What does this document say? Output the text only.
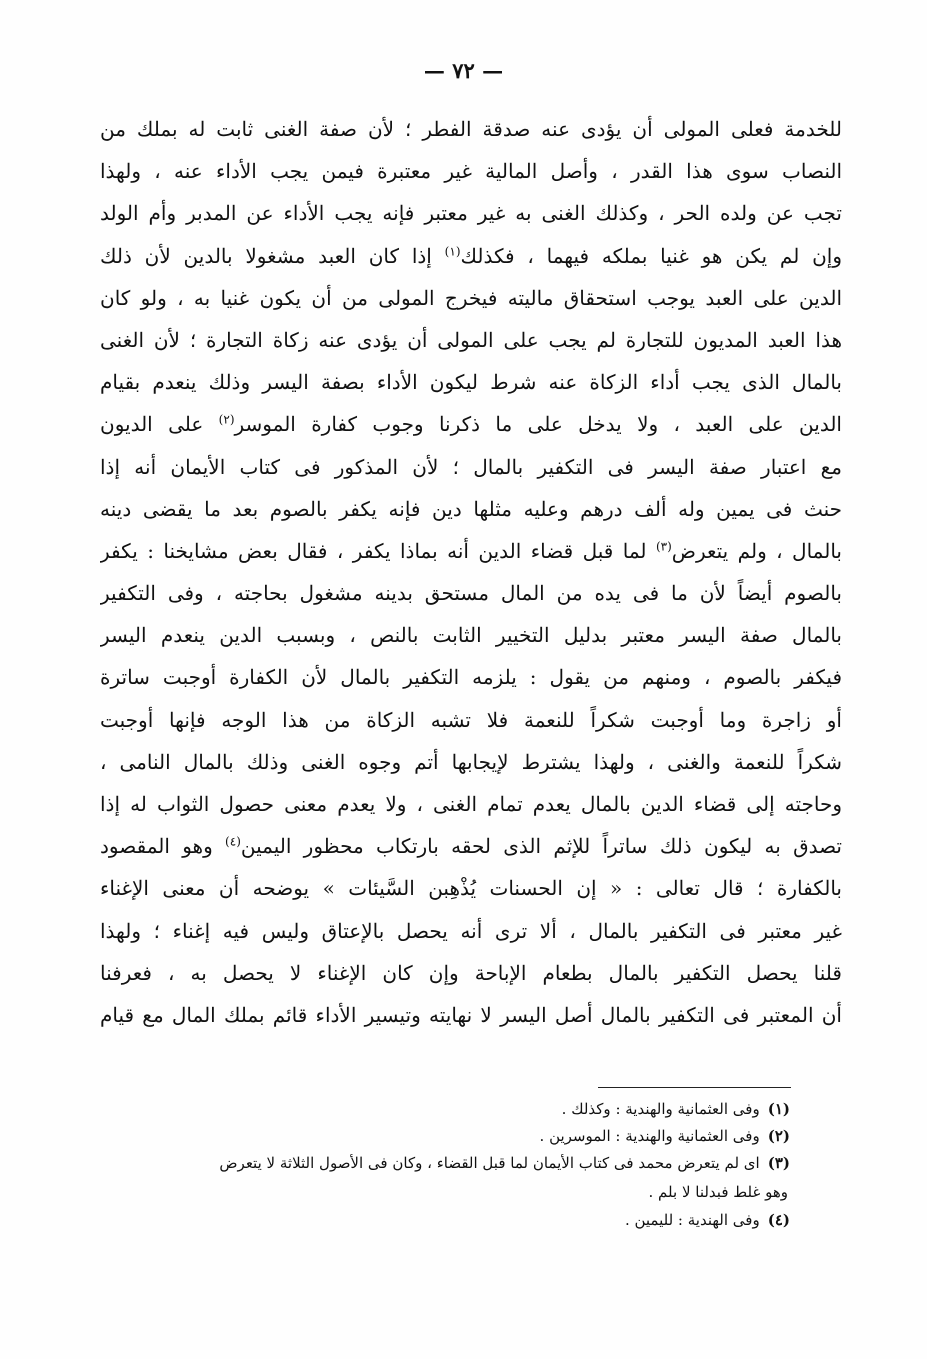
— ٧٢ —
للخدمة فعلى المولى أن يؤدى عنه صدقة الفطر ؛ لأن صفة الغنى ثابت له بملك من
النصاب سوى هذا القدر ، وأصل المالية غير معتبرة فيمن يجب الأداء عنه ، ولهذا
تجب عن ولده الحر ، وكذلك الغنى به غير معتبر فإنه يجب الأداء عن المدبر وأم الولد
وإن لم يكن هو غنيا بملكه فيهما ، فكذلك$^{(١)}$ إذا كان العبد مشغولا بالدين لأن ذلك
الدين على العبد يوجب استحقاق ماليته فيخرج المولى من أن يكون غنيا به ، ولو كان
هذا العبد المديون للتجارة لم يجب على المولى أن يؤدى عنه زكاة التجارة ؛ لأن الغنى
بالمال الذى يجب أداء الزكاة عنه شرط ليكون الأداء بصفة اليسر وذلك ينعدم بقيام
الدين على العبد ، ولا يدخل على ما ذكرنا وجوب كفارة الموسر$^{(٢)}$ على الديون
مع اعتبار صفة اليسر فى التكفير بالمال ؛ لأن المذكور فى كتاب الأيمان أنه إذا
حنث فى يمين وله ألف درهم وعليه مثلها دين فإنه يكفر بالصوم بعد ما يقضى دينه
بالمال ، ولم يتعرض$^{(٣)}$ لما قبل قضاء الدين أنه بماذا يكفر ، فقال بعض مشايخنا : يكفر
بالصوم أيضاً لأن ما فى يده من المال مستحق بدينه مشغول بحاجته ، وفى التكفير
بالمال صفة اليسر معتبر بدليل التخيير الثابت بالنص ، وبسبب الدين ينعدم اليسر
فيكفر بالصوم ، ومنهم من يقول : يلزمه التكفير بالمال لأن الكفارة أوجبت ساترة
أو زاجرة وما أوجبت شكراً للنعمة فلا تشبه الزكاة من هذا الوجه فإنها أوجبت
شكراً للنعمة والغنى ، ولهذا يشترط لإيجابها أتم وجوه الغنى وذلك بالمال النامى ،
وحاجته إلى قضاء الدين بالمال يعدم تمام الغنى ، ولا يعدم معنى حصول الثواب له إذا
تصدق به ليكون ذلك ساتراً للإثم الذى لحقه بارتكاب محظور اليمين$^{(٤)}$ وهو المقصود
بالكفارة ؛ قال تعالى : « إن الحسنات يُذْهِبن السَّيئات » يوضحه أن معنى الإغناء
غير معتبر فى التكفير بالمال ، ألا ترى أنه يحصل بالإعتاق وليس فيه إغناء ؛ ولهذا
قلنا يحصل التكفير بالمال بطعام الإباحة وإن كان الإغناء لا يحصل به ، فعرفنا
أن المعتبر فى التكفير بالمال أصل اليسر لا نهايته وتيسير الأداء قائم بملك المال مع قيام
(١)وفى العثمانية والهندية : وكذلك .
(٢)وفى العثمانية والهندية : الموسرين .
(٣)اى لم يتعرض محمد فى كتاب الأيمان لما قبل القضاء ، وكان فى الأصول الثلاثة لا يتعرض
وهو غلط فبدلنا لا بلم .
(٤)وفى الهندية : لليمين .
